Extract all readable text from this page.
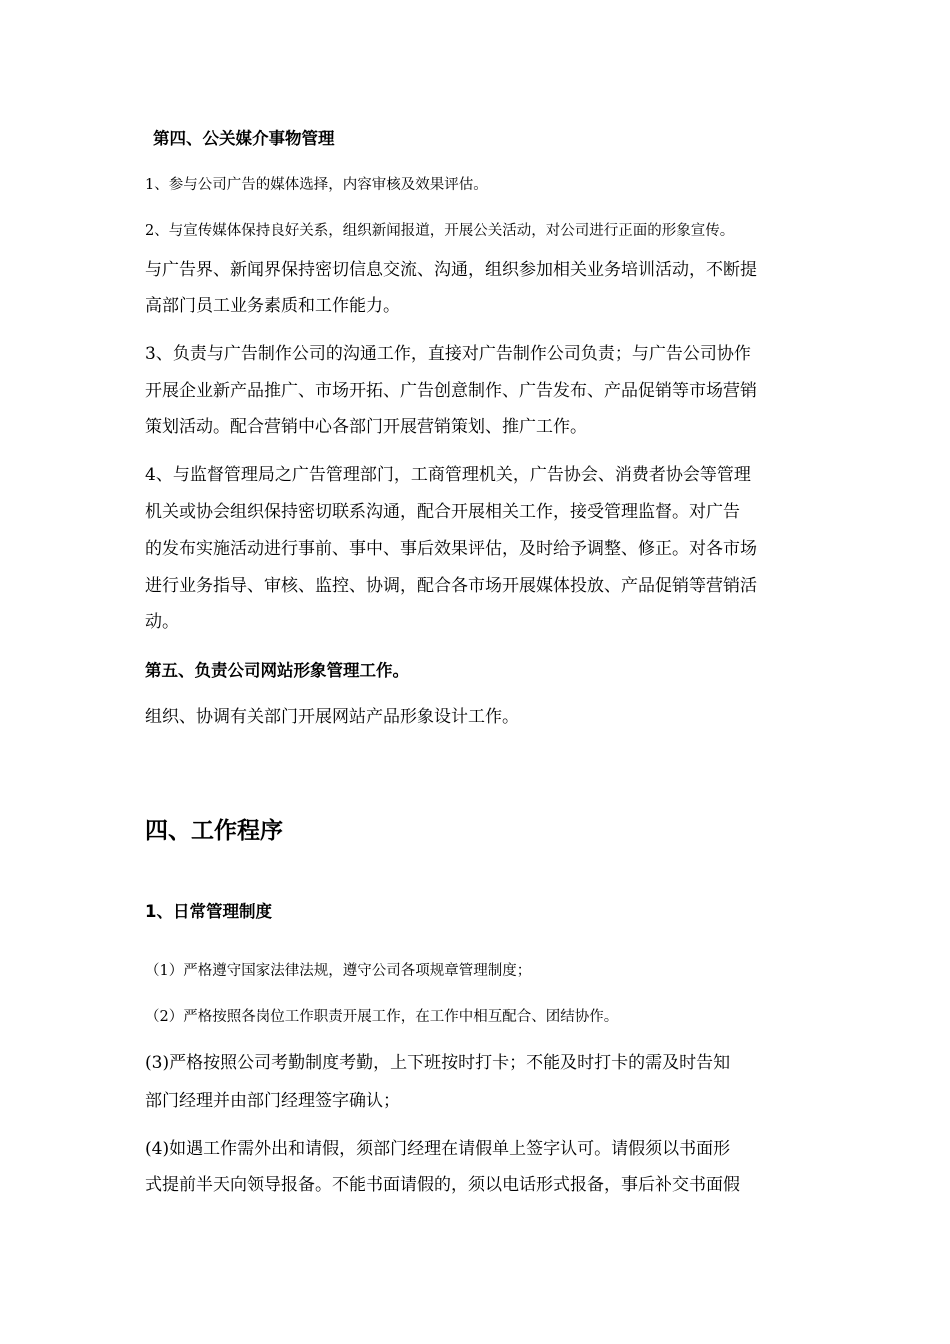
第四、公关媒介事物管理
1、参与公司广告的媒体选择，内容审核及效果评估。
2、与宣传媒体保持良好关系，组织新闻报道，开展公关活动，对公司进行正面的形象宣传。
与广告界、新闻界保持密切信息交流、沟通，组织参加相关业务培训活动，不断提
高部门员工业务素质和工作能力。
3、负责与广告制作公司的沟通工作，直接对广告制作公司负责；与广告公司协作
开展企业新产品推广、市场开拓、广告创意制作、广告发布、产品促销等市场营销
策划活动。配合营销中心各部门开展营销策划、推广工作。
4、与监督管理局之广告管理部门，工商管理机关，广告协会、消费者协会等管理
机关或协会组织保持密切联系沟通，配合开展相关工作，接受管理监督。对广告
的发布实施活动进行事前、事中、事后效果评估，及时给予调整、修正。对各市场
进行业务指导、审核、监控、协调，配合各市场开展媒体投放、产品促销等营销活
动。
第五、负责公司网站形象管理工作。
组织、协调有关部门开展网站产品形象设计工作。
四、工作程序
1、日常管理制度
（1）严格遵守国家法律法规，遵守公司各项规章管理制度；
（2）严格按照各岗位工作职责开展工作，在工作中相互配合、团结协作。
(3)严格按照公司考勤制度考勤，上下班按时打卡；不能及时打卡的需及时告知
部门经理并由部门经理签字确认；
(4)如遇工作需外出和请假，须部门经理在请假单上签字认可。请假须以书面形
式提前半天向领导报备。不能书面请假的，须以电话形式报备，事后补交书面假
